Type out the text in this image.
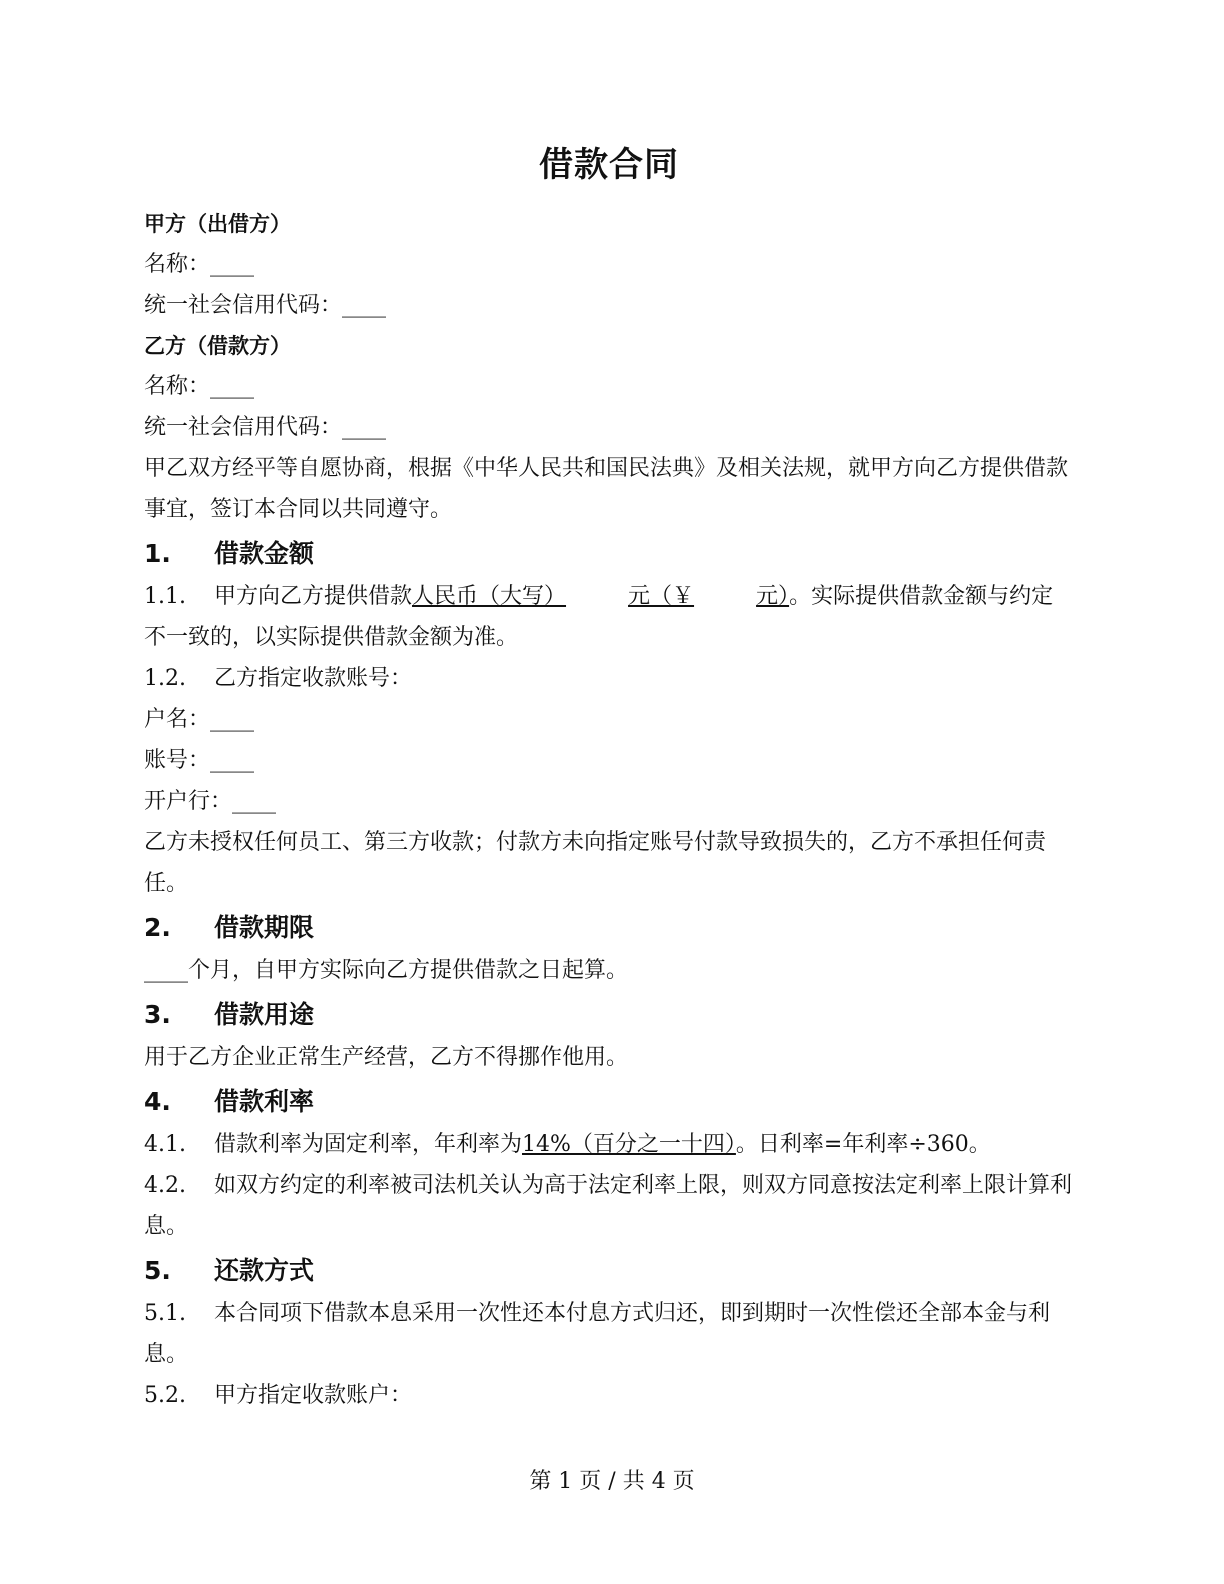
借款合同
甲方（出借方）
名称：____
统一社会信用代码：____
乙方（借款方）
名称：____
统一社会信用代码：____
甲乙双方经平等自愿协商，根据《中华人民共和国民法典》及相关法规，就甲方向乙方提供借款事宜，签订本合同以共同遵守。
1.	借款金额
1.1. 甲方向乙方提供借款人民币（大写）	元（￥	元）。实际提供借款金额与约定不一致的，以实际提供借款金额为准。
1.2. 乙方指定收款账号：
户名：____
账号：____
开户行：____
乙方未授权任何员工、第三方收款；付款方未向指定账号付款导致损失的，乙方不承担任何责任。
2.	借款期限
____个月，自甲方实际向乙方提供借款之日起算。
3.	借款用途
用于乙方企业正常生产经营，乙方不得挪作他用。
4.	借款利率
4.1. 借款利率为固定利率，年利率为14%（百分之一十四）。日利率=年利率÷360。
4.2. 如双方约定的利率被司法机关认为高于法定利率上限，则双方同意按法定利率上限计算利息。
5.	还款方式
5.1. 本合同项下借款本息采用一次性还本付息方式归还，即到期时一次性偿还全部本金与利息。
5.2. 甲方指定收款账户：
第 1 页 / 共 4 页
